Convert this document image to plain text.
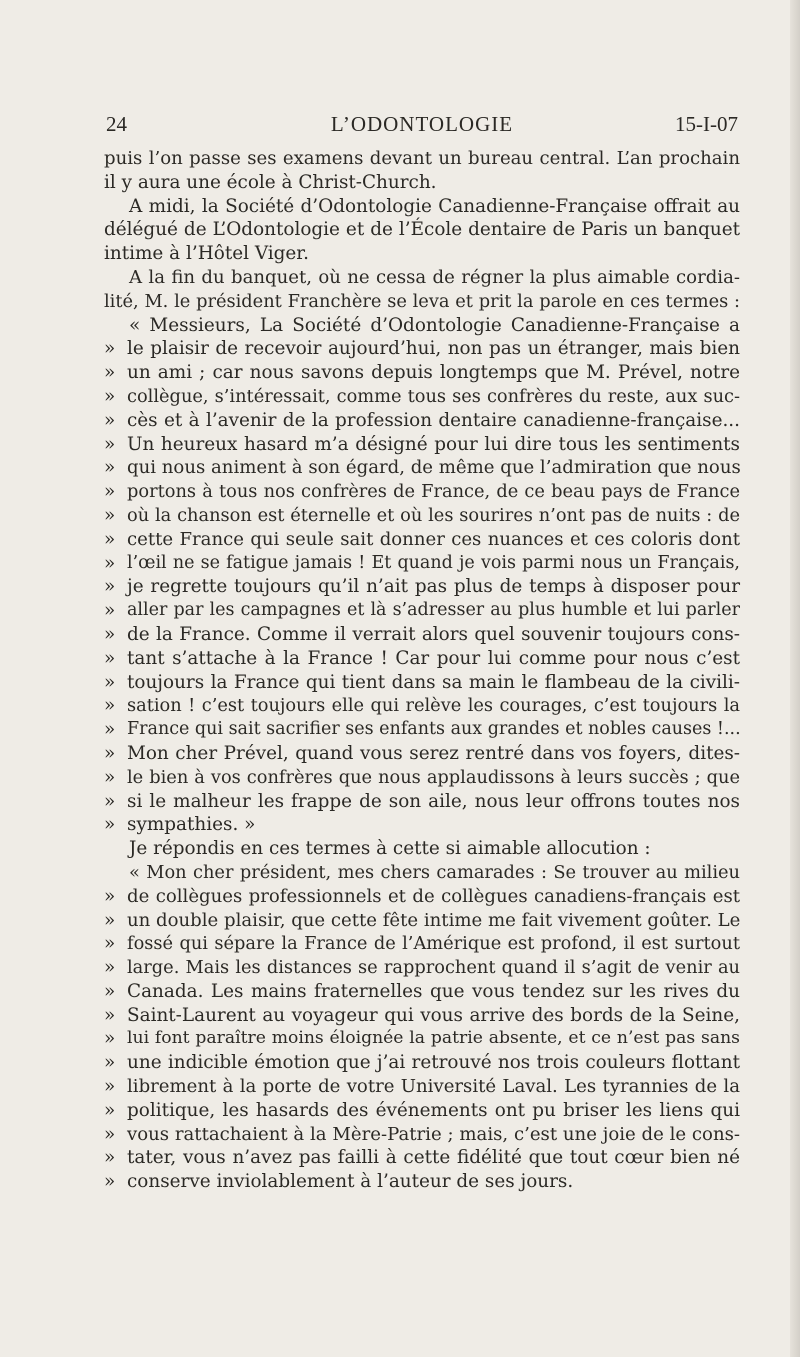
L’ODONTOLOGIE
24	15-I-07
puis l’on passe ses examens devant un bureau central. L’an prochain
il y aura une école à Christ-Church.
A midi, la Société d’Odontologie Canadienne-Française offrait au
délégué de L’Odontologie et de l’École dentaire de Paris un banquet
intime à l’Hôtel Viger.
A la fin du banquet, où ne cessa de régner la plus aimable cordia-
lité, M. le président Franchère se leva et prit la parole en ces termes :
« Messieurs, La Société d’Odontologie Canadienne-Française a
» le plaisir de recevoir aujourd’hui, non pas un étranger, mais bien
» un ami ; car nous savons depuis longtemps que M. Prével, notre
» collègue, s’intéressait, comme tous ses confrères du reste, aux suc-
» cès et à l’avenir de la profession dentaire canadienne-française...
» Un heureux hasard m’a désigné pour lui dire tous les sentiments
» qui nous animent à son égard, de même que l’admiration que nous
» portons à tous nos confrères de France, de ce beau pays de France
» où la chanson est éternelle et où les sourires n’ont pas de nuits : de
» cette France qui seule sait donner ces nuances et ces coloris dont
» l’œil ne se fatigue jamais ! Et quand je vois parmi nous un Français,
» je regrette toujours qu’il n’ait pas plus de temps à disposer pour
» aller par les campagnes et là s’adresser au plus humble et lui parler
» de la France. Comme il verrait alors quel souvenir toujours cons-
» tant s’attache à la France ! Car pour lui comme pour nous c’est
» toujours la France qui tient dans sa main le flambeau de la civili-
» sation ! c’est toujours elle qui relève les courages, c’est toujours la
» France qui sait sacrifier ses enfants aux grandes et nobles causes !...
» Mon cher Prével, quand vous serez rentré dans vos foyers, dites-
» le bien à vos confrères que nous applaudissons à leurs succès ; que
» si le malheur les frappe de son aile, nous leur offrons toutes nos
» sympathies. »
Je répondis en ces termes à cette si aimable allocution :
« Mon cher président, mes chers camarades : Se trouver au milieu
» de collègues professionnels et de collègues canadiens-français est
» un double plaisir, que cette fête intime me fait vivement goûter. Le
» fossé qui sépare la France de l’Amérique est profond, il est surtout
» large. Mais les distances se rapprochent quand il s’agit de venir au
» Canada. Les mains fraternelles que vous tendez sur les rives du
» Saint-Laurent au voyageur qui vous arrive des bords de la Seine,
» lui font paraître moins éloignée la patrie absente, et ce n’est pas sans
» une indicible émotion que j’ai retrouvé nos trois couleurs flottant
» librement à la porte de votre Université Laval. Les tyrannies de la
» politique, les hasards des événements ont pu briser les liens qui
» vous rattachaient à la Mère-Patrie ; mais, c’est une joie de le cons-
» tater, vous n’avez pas failli à cette fidélité que tout cœur bien né
» conserve inviolablement à l’auteur de ses jours.
